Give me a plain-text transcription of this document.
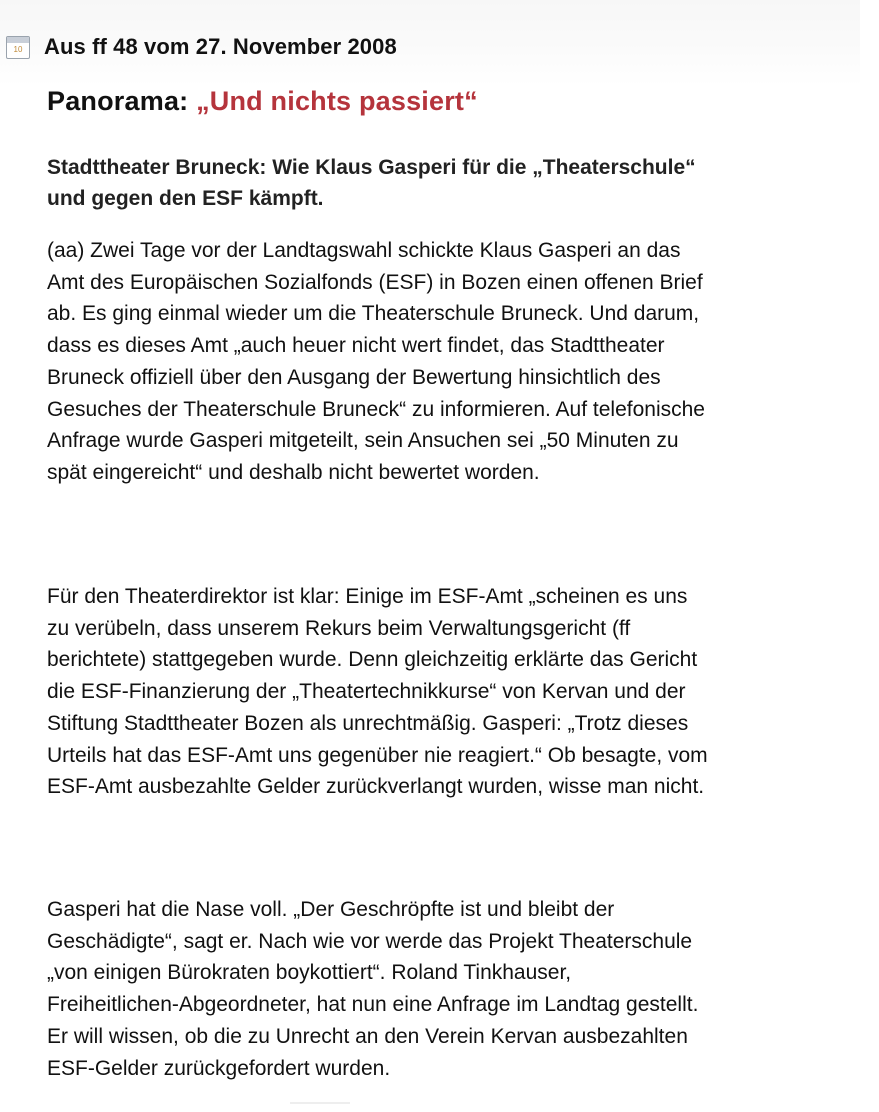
10 Aus ff 48 vom 27. November 2008
Panorama: „Und nichts passiert“
Stadttheater Bruneck: Wie Klaus Gasperi für die „Theaterschule“
und gegen den ESF kämpft.
(aa) Zwei Tage vor der Landtagswahl schickte Klaus Gasperi an das
Amt des Europäischen Sozialfonds (ESF) in Bozen einen offenen Brief
ab. Es ging einmal wieder um die Theaterschule Bruneck. Und darum,
dass es dieses Amt „auch heuer nicht wert findet, das Stadttheater
Bruneck offiziell über den Ausgang der Bewertung hinsichtlich des
Gesuches der Theaterschule Bruneck“ zu informieren. Auf telefonische
Anfrage wurde Gasperi mitgeteilt, sein Ansuchen sei „50 Minuten zu
spät eingereicht“ und deshalb nicht bewertet worden.
Für den Theaterdirektor ist klar: Einige im ESF-Amt „scheinen es uns
zu verübeln, dass unserem Rekurs beim Verwaltungsgericht (ff
berichtete) stattgegeben wurde. Denn gleichzeitig erklärte das Gericht
die ESF-Finanzierung der „Theatertechnikkurse“ von Kervan und der
Stiftung Stadttheater Bozen als unrechtmäßig. Gasperi: „Trotz dieses
Urteils hat das ESF-Amt uns gegenüber nie reagiert.“ Ob besagte, vom
ESF-Amt ausbezahlte Gelder zurückverlangt wurden, wisse man nicht.
Gasperi hat die Nase voll. „Der Geschröpfte ist und bleibt der
Geschädigte“, sagt er. Nach wie vor werde das Projekt Theaterschule
„von einigen Bürokraten boykottiert“. Roland Tinkhauser,
Freiheitlichen-Abgeordneter, hat nun eine Anfrage im Landtag gestellt.
Er will wissen, ob die zu Unrecht an den Verein Kervan ausbezahlten
ESF-Gelder zurückgefordert wurden.
